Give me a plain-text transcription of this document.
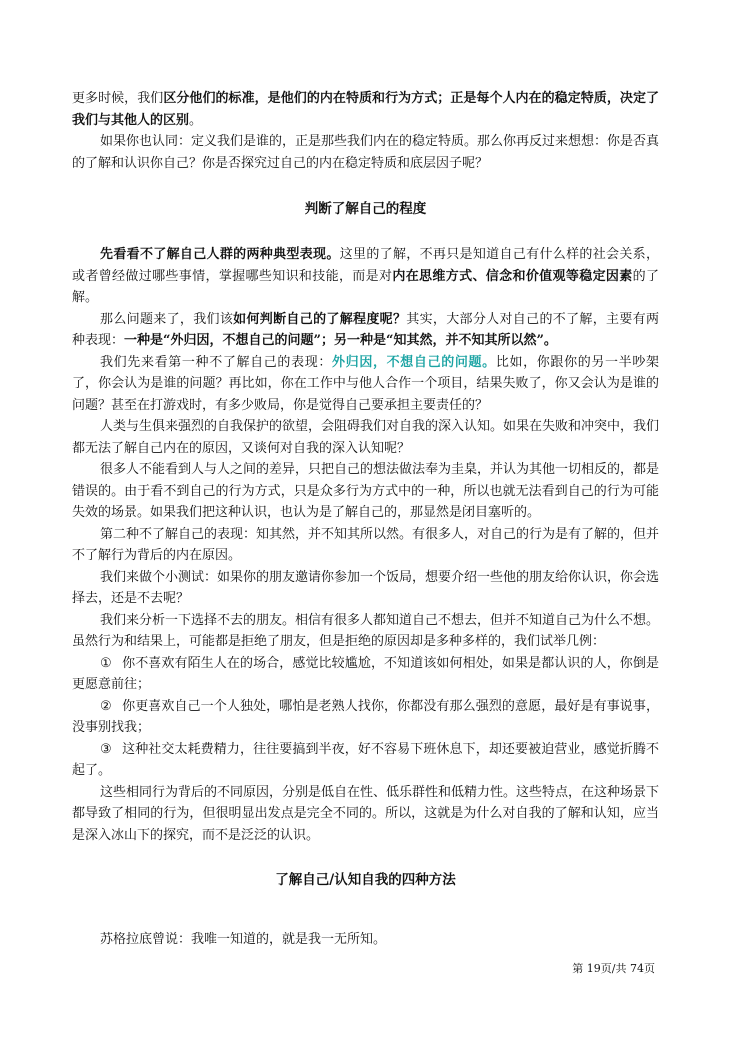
更多时候，我们区分他们的标准，是他们的内在特质和行为方式；正是每个人内在的稳定特质，决定了我们与其他人的区别。

如果你也认同：定义我们是谁的，正是那些我们内在的稳定特质。那么你再反过来想想：你是否真的了解和认识你自己？你是否探究过自己的内在稳定特质和底层因子呢？

判断了解自己的程度

先看看不了解自己人群的两种典型表现。这里的了解，不再只是知道自己有什么样的社会关系，或者曾经做过哪些事情，掌握哪些知识和技能，而是对内在思维方式、信念和价值观等稳定因素的了解。

那么问题来了，我们该如何判断自己的了解程度呢？其实，大部分人对自己的不了解，主要有两种表现：一种是“外归因，不想自己的问题”；另一种是“知其然，并不知其所以然”。

我们先来看第一种不了解自己的表现：外归因，不想自己的问题。比如，你跟你的另一半吵架了，你会认为是谁的问题？再比如，你在工作中与他人合作一个项目，结果失败了，你又会认为是谁的问题？甚至在打游戏时，有多少败局，你是觉得自己要承担主要责任的？

人类与生俱来强烈的自我保护的欲望，会阻碍我们对自我的深入认知。如果在失败和冲突中，我们都无法了解自己内在的原因，又谈何对自我的深入认知呢？

很多人不能看到人与人之间的差异，只把自己的想法做法奉为圭臬，并认为其他一切相反的，都是错误的。由于看不到自己的行为方式，只是众多行为方式中的一种，所以也就无法看到自己的行为可能失效的场景。如果我们把这种认识，也认为是了解自己的，那显然是闭目塞听的。

第二种不了解自己的表现：知其然，并不知其所以然。有很多人，对自己的行为是有了解的，但并不了解行为背后的内在原因。

我们来做个小测试：如果你的朋友邀请你参加一个饭局，想要介绍一些他的朋友给你认识，你会选择去，还是不去呢？

我们来分析一下选择不去的朋友。相信有很多人都知道自己不想去，但并不知道自己为什么不想。虽然行为和结果上，可能都是拒绝了朋友，但是拒绝的原因却是多种多样的，我们试举几例：

① 你不喜欢有陌生人在的场合，感觉比较尴尬，不知道该如何相处，如果是都认识的人，你倒是更愿意前往；

② 你更喜欢自己一个人独处，哪怕是老熟人找你，你都没有那么强烈的意愿，最好是有事说事，没事别找我；

③ 这种社交太耗费精力，往往要搞到半夜，好不容易下班休息下，却还要被迫营业，感觉折腾不起了。

这些相同行为背后的不同原因，分别是低自在性、低乐群性和低精力性。这些特点，在这种场景下都导致了相同的行为，但很明显出发点是完全不同的。所以，这就是为什么对自我的了解和认知，应当是深入冰山下的探究，而不是泛泛的认识。

了解自己/认知自我的四种方法

苏格拉底曾说：我唯一知道的，就是我一无所知。

第 19页/共 74页
